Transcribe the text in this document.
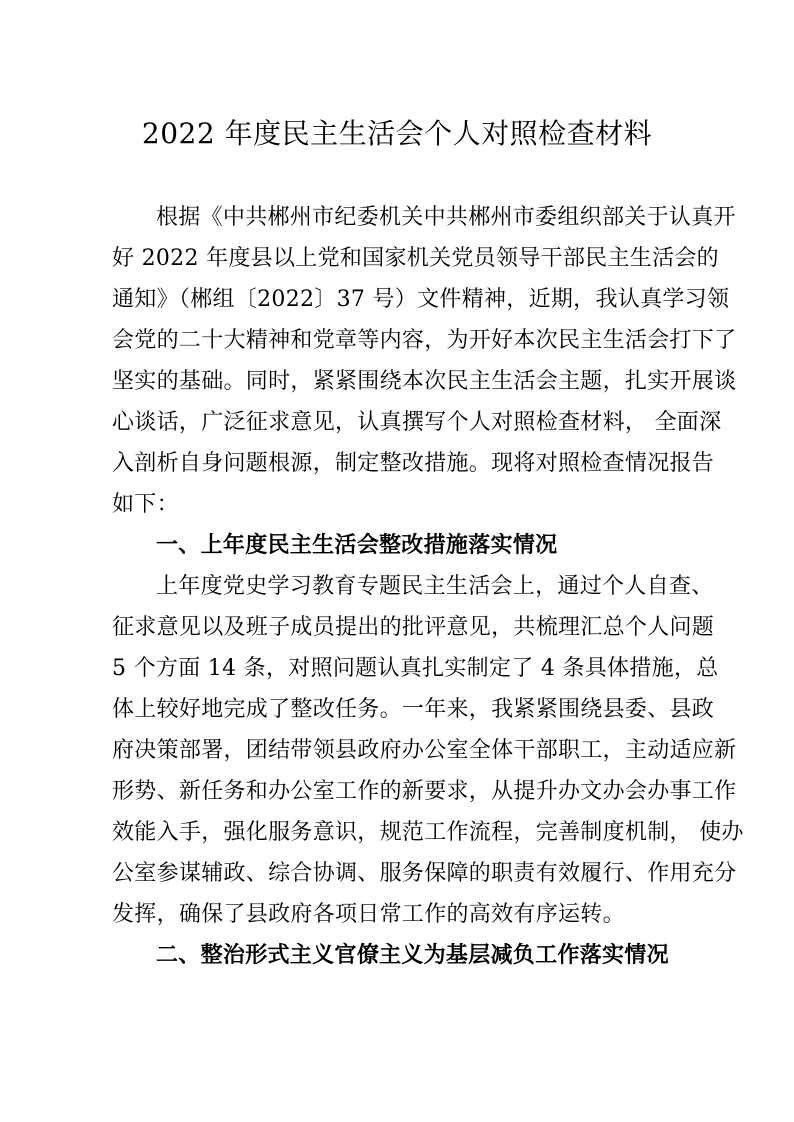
2022 年度民主生活会个人对照检查材料
根据《中共郴州市纪委机关中共郴州市委组织部关于认真开
好 2022 年度县以上党和国家机关党员领导干部民主生活会的
通知》（郴组〔2022〕37 号）文件精神，近期，我认真学习领
会党的二十大精神和党章等内容，为开好本次民主生活会打下了
坚实的基础。同时，紧紧围绕本次民主生活会主题，扎实开展谈
心谈话，广泛征求意见，认真撰写个人对照检查材料， 全面深
入剖析自身问题根源，制定整改措施。现将对照检查情况报告
如下：
一、上年度民主生活会整改措施落实情况
上年度党史学习教育专题民主生活会上，通过个人自查、
征求意见以及班子成员提出的批评意见，共梳理汇总个人问题
5 个方面 14 条，对照问题认真扎实制定了 4 条具体措施，总
体上较好地完成了整改任务。一年来，我紧紧围绕县委、县政
府决策部署，团结带领县政府办公室全体干部职工，主动适应新
形势、新任务和办公室工作的新要求，从提升办文办会办事工作
效能入手，强化服务意识，规范工作流程，完善制度机制， 使办
公室参谋辅政、综合协调、服务保障的职责有效履行、作用充分
发挥，确保了县政府各项日常工作的高效有序运转。
二、整治形式主义官僚主义为基层减负工作落实情况
